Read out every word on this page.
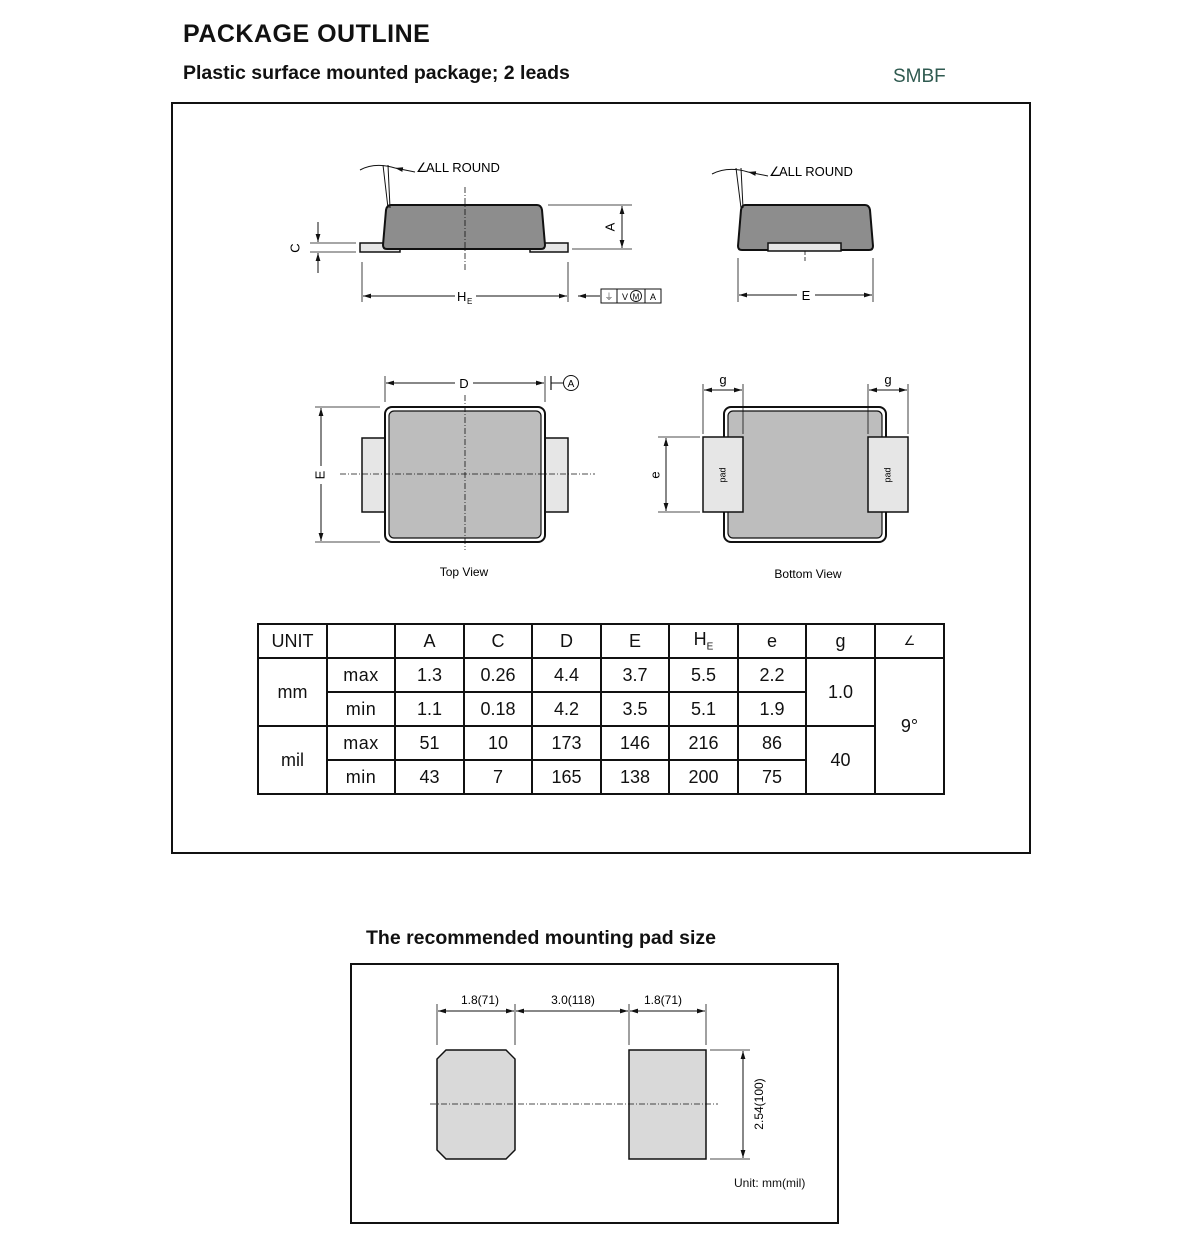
PACKAGE OUTLINE
Plastic surface mounted package; 2 leads	SMBF
∠
ALL ROUND
A
C
H E	⏚ V M A
∠
ALL ROUND
E
D	A
E
Top View
pad	pad
e
g	g
Bottom View
1.8(71)	3.0(118)	1.8(71)
2.54(100)
UNIT		A	C	D	E	$H_E$	e	g	∠
mm	max	1.3	0.26	4.4	3.7	5.5	2.2	1.0	9°
	min	1.1	0.18	4.2	3.5	5.1	1.9		
mil	max	51	10	173	146	216	86	40	
	min	43	7	165	138	200	75		
The recommended mounting pad size
Unit: mm(mil)
